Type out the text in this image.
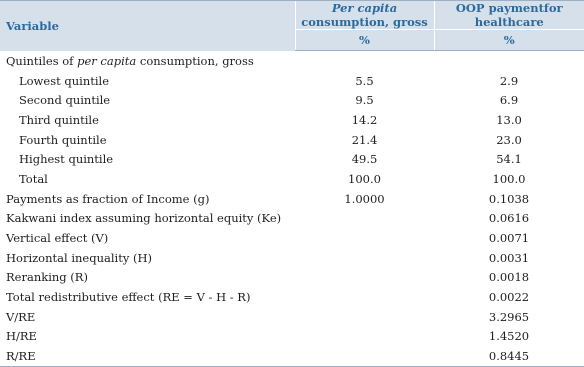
Variable	Per capita consumption, gross	OOP paymentfor healthcare
	%	%
Quintiles of per capita consumption, gross		
Lowest quintile	5.5	2.9
Second quintile	9.5	6.9
Third quintile	14.2	13.0
Fourth quintile	21.4	23.0
Highest quintile	49.5	54.1
Total	100.0	100.0
Payments as fraction of Income (g)	1.0000	0.1038
Kakwani index assuming horizontal equity (Ke)		0.0616
Vertical effect (V)		0.0071
Horizontal inequality (H)		0.0031
Reranking (R)		0.0018
Total redistributive effect (RE = V - H - R)		0.0022
V/RE		3.2965
H/RE		1.4520
R/RE		0.8445
